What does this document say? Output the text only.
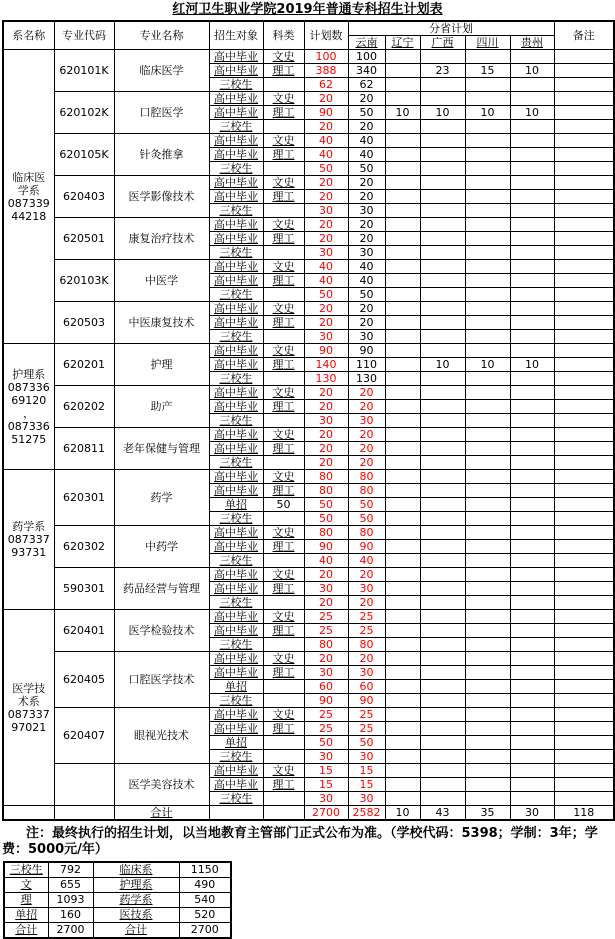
红河卫生职业学院2019年普通专科招生计划表
系名称	专业代码	专业名称	招生对象	科类	计划数	分省计划					备注
						云南	辽宁	广西	四川	贵州	
临床医
学系
087339
44218	620101K	临床医学	高中毕业	文史	100	100					
			高中毕业	理工	388	340		23	15	10	
			三校生		62	62					
	620102K	口腔医学	高中毕业	文史	20	20					
			高中毕业	理工	90	50	10	10	10	10	
			三校生		20	20					
	620105K	针灸推拿	高中毕业	文史	40	40					
			高中毕业	理工	40	40					
			三校生		50	50					
	620403	医学影像技术	高中毕业	文史	20	20					
			高中毕业	理工	20	20					
			三校生		30	30					
	620501	康复治疗技术	高中毕业	文史	20	20					
			高中毕业	理工	20	20					
			三校生		30	30					
	620103K	中医学	高中毕业	文史	40	40					
			高中毕业	理工	40	40					
			三校生		50	50					
	620503	中医康复技术	高中毕业	文史	20	20					
			高中毕业	理工	20	20					
			三校生		30	30					
护理系
087336
69120
，
087336
51275	620201	护理	高中毕业	文史	90	90					
			高中毕业	理工	140	110		10	10	10	
			三校生		130	130					
	620202	助产	高中毕业	文史	20	20					
			高中毕业	理工	20	20					
			三校生		30	30					
	620811	老年保健与管理	高中毕业	文史	20	20					
			高中毕业	理工	20	20					
			三校生		20	20					
药学系
087337
93731	620301	药学	高中毕业	文史	80	80					
			高中毕业	理工	80	80					
			单招	50	50	50					
			三校生		50	50					
	620302	中药学	高中毕业	文史	80	80					
			高中毕业	理工	90	90					
			三校生		40	40					
	590301	药品经营与管理	高中毕业	文史	20	20					
			高中毕业	理工	30	30					
			三校生		20	20					
医学技
术系
087337
97021	620401	医学检验技术	高中毕业	文史	25	25					
			高中毕业	理工	25	25					
			三校生		80	80					
	620405	口腔医学技术	高中毕业	文史	20	20					
			高中毕业	理工	30	30					
			单招		60	60					
			三校生		90	90					
	620407	眼视光技术	高中毕业	文史	25	25					
			高中毕业	理工	25	25					
			单招		50	50					
			三校生		30	30					
		医学美容技术	高中毕业	文史	15	15					
			高中毕业	理工	15	15					
			三校生		30	30					
		合计			2700	2582	10	43	35	30	118
注：最终执行的招生计划，以当地教育主管部门正式公布为准。（学校代码：5398；学制：3年；学
费：5000元/年）
三校生	792	临床系	1150
文	655	护理系	490
理	1093	药学系	540
单招	160	医技系	520
合计	2700	合计	2700
